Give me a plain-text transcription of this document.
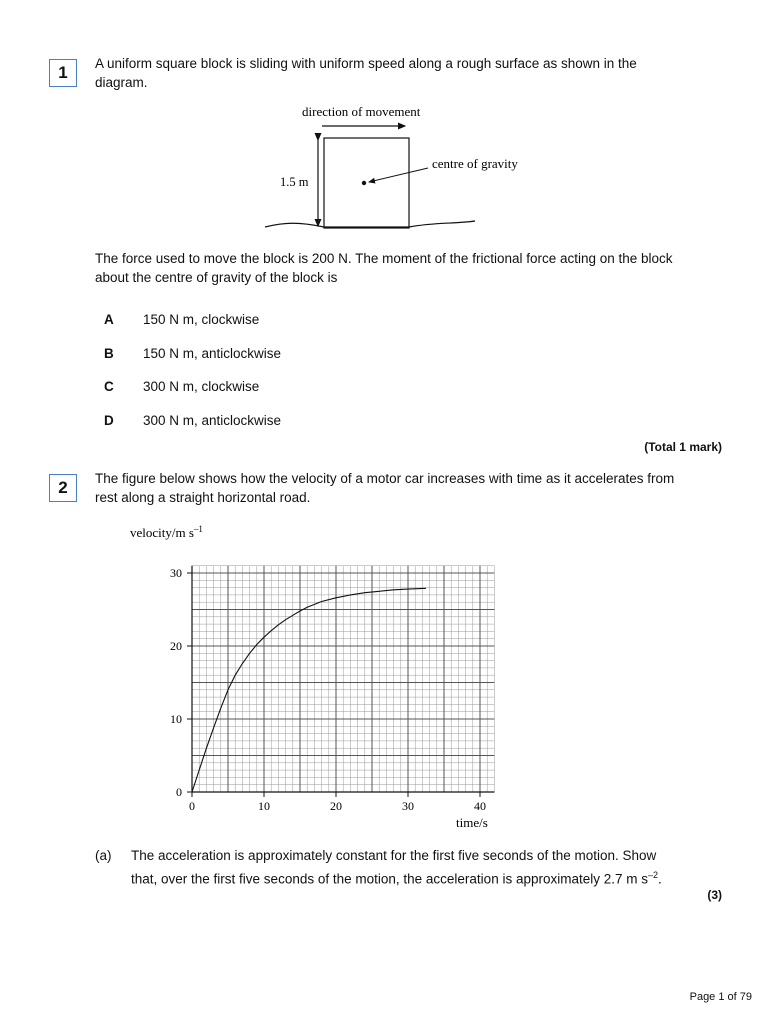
1	A uniform square block is sliding with uniform speed along a rough surface as shown in the diagram.
direction of movement
1.5 m
centre of gravity
The force used to move the block is 200 N. The moment of the frictional force acting on the block about the centre of gravity of the block is
A 150 N m, clockwise
B 150 N m, anticlockwise
C 300 N m, clockwise
D 300 N m, anticlockwise
(Total 1 mark)
2	The figure below shows how the velocity of a motor car increases with time as it accelerates from rest along a straight horizontal road.
0	10	20	30	40
0
10
20
30
velocity/m $s^{-1}$
time/s
(a) The acceleration is approximately constant for the first five seconds of the motion. Show
that, over the first five seconds of the motion, the acceleration is approximately 2.7 m $s^{-2}$.
(3)
Page 1 of 79
